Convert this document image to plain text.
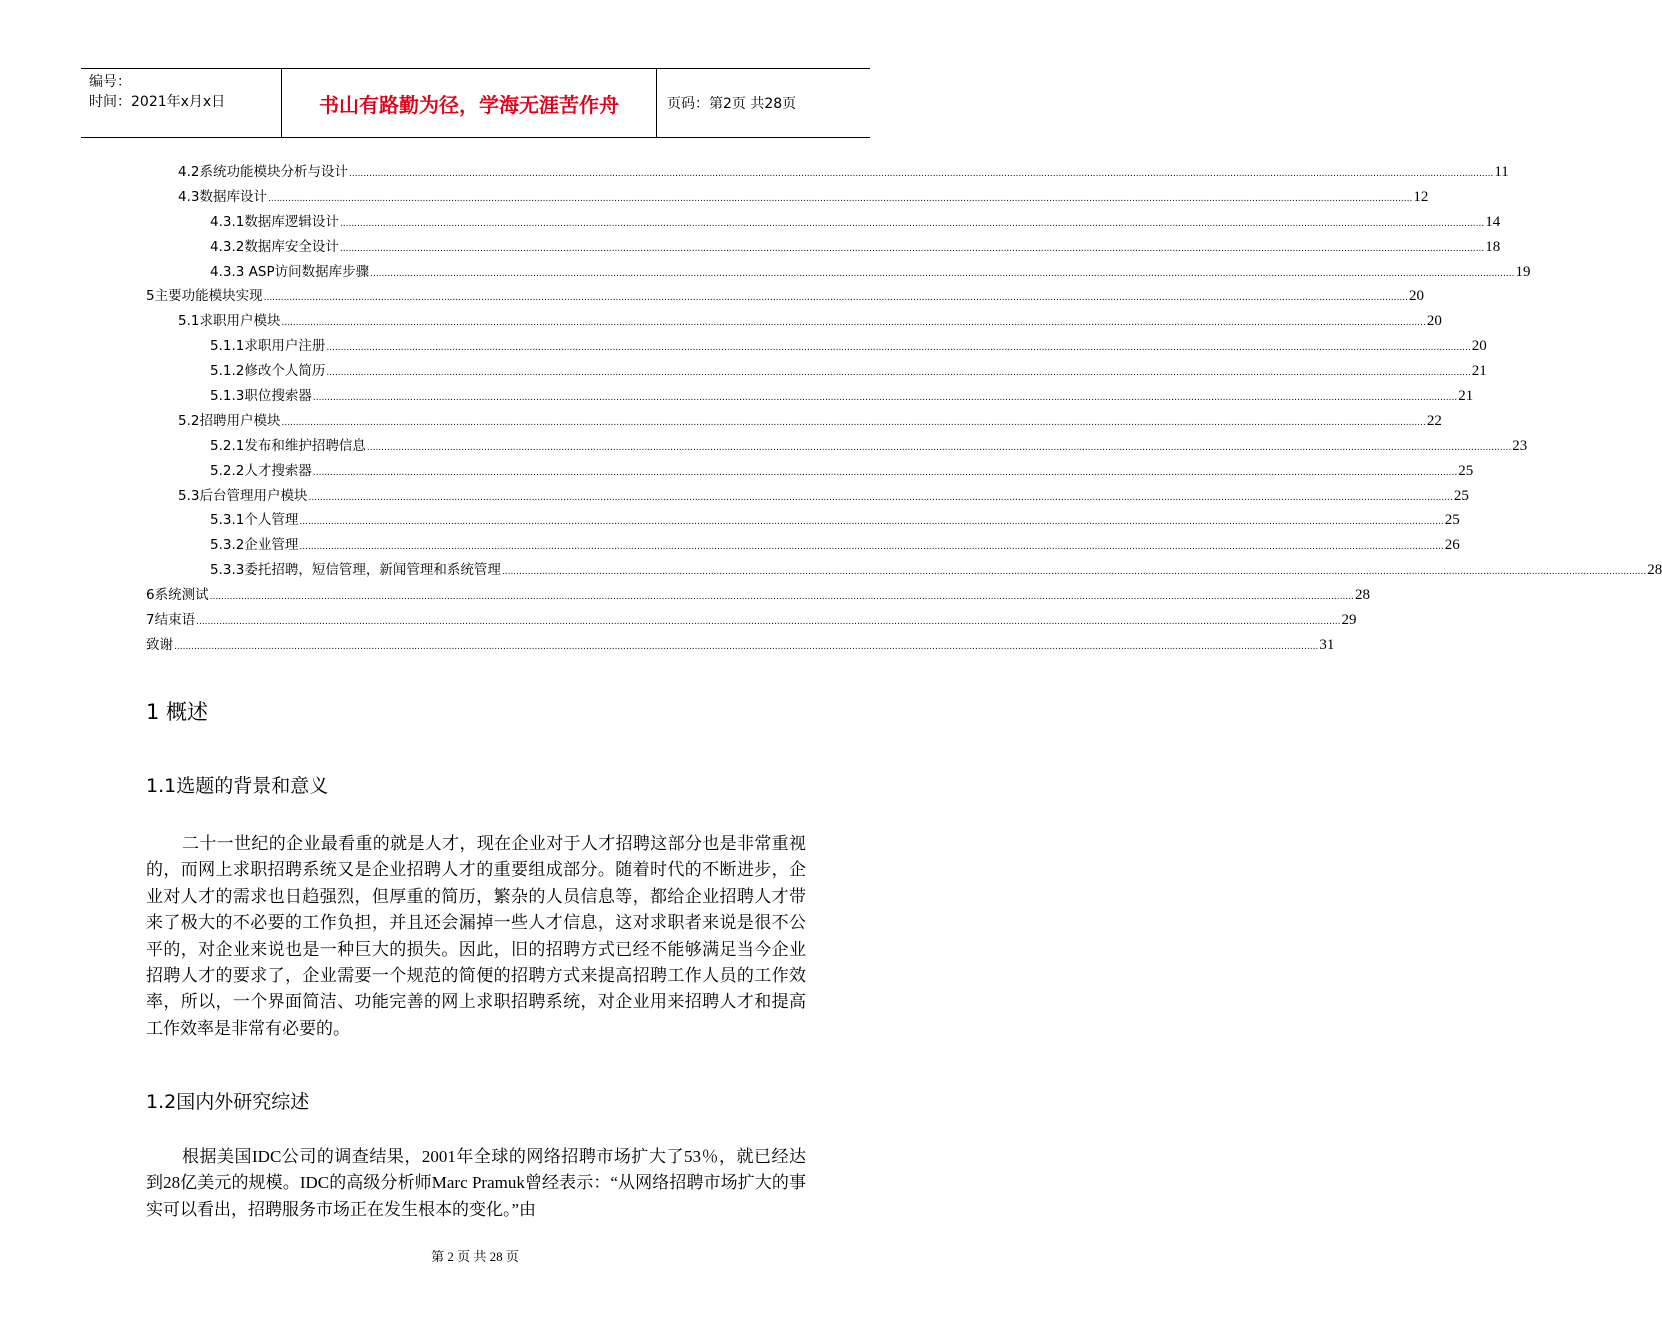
编号：
时间：2021年x月x日	书山有路勤为径，学海无涯苦作舟	页码：第2页 共28页
4.2系统功能模块分析与设计 ................................................................................................................................................................................................................................................................................................................................................................................................................ 11
4.3数据库设计 ................................................................................................................................................................................................................................................................................................................................................................................................................ 12
4.3.1数据库逻辑设计 ................................................................................................................................................................................................................................................................................................................................................................................................................ 14
4.3.2数据库安全设计 ................................................................................................................................................................................................................................................................................................................................................................................................................ 18
4.3.3 ASP访问数据库步骤 ................................................................................................................................................................................................................................................................................................................................................................................................................ 19
5主要功能模块实现 ................................................................................................................................................................................................................................................................................................................................................................................................................ 20
5.1求职用户模块 ................................................................................................................................................................................................................................................................................................................................................................................................................ 20
5.1.1求职用户注册 ................................................................................................................................................................................................................................................................................................................................................................................................................ 20
5.1.2修改个人简历 ................................................................................................................................................................................................................................................................................................................................................................................................................ 21
5.1.3职位搜索器 ................................................................................................................................................................................................................................................................................................................................................................................................................ 21
5.2招聘用户模块 ................................................................................................................................................................................................................................................................................................................................................................................................................ 22
5.2.1发布和维护招聘信息 ................................................................................................................................................................................................................................................................................................................................................................................................................ 23
5.2.2人才搜索器 ................................................................................................................................................................................................................................................................................................................................................................................................................ 25
5.3后台管理用户模块 ................................................................................................................................................................................................................................................................................................................................................................................................................ 25
5.3.1个人管理 ................................................................................................................................................................................................................................................................................................................................................................................................................ 25
5.3.2企业管理 ................................................................................................................................................................................................................................................................................................................................................................................................................ 26
5.3.3委托招聘，短信管理，新闻管理和系统管理 ................................................................................................................................................................................................................................................................................................................................................................................................................ 28
6系统测试 ................................................................................................................................................................................................................................................................................................................................................................................................................ 28
7结束语 ................................................................................................................................................................................................................................................................................................................................................................................................................ 29
致谢 ................................................................................................................................................................................................................................................................................................................................................................................................................ 31
1 概述
1.1选题的背景和意义

二十一世纪的企业最看重的就是人才，现在企业对于人才招聘这部分也是非常重视的，而网上求职招聘系统又是企业招聘人才的重要组成部分。随着时代的不断进步，企业对人才的需求也日趋强烈，但厚重的简历，繁杂的人员信息等，都给企业招聘人才带来了极大的不必要的工作负担，并且还会漏掉一些人才信息，这对求职者来说是很不公平的，对企业来说也是一种巨大的损失。因此，旧的招聘方式已经不能够满足当今企业招聘人才的要求了，企业需要一个规范的简便的招聘方式来提高招聘工作人员的工作效率，所以，一个界面简洁、功能完善的网上求职招聘系统，对企业用来招聘人才和提高工作效率是非常有必要的。

1.2国内外研究综述

根据美国IDC公司的调查结果，2001年全球的网络招聘市场扩大了53％，就已经达到28亿美元的规模。IDC的高级分析师Marc Pramuk曾经表示：“从网络招聘市场扩大的事实可以看出，招聘服务市场正在发生根本的变化。”由

第 2 页 共 28 页
